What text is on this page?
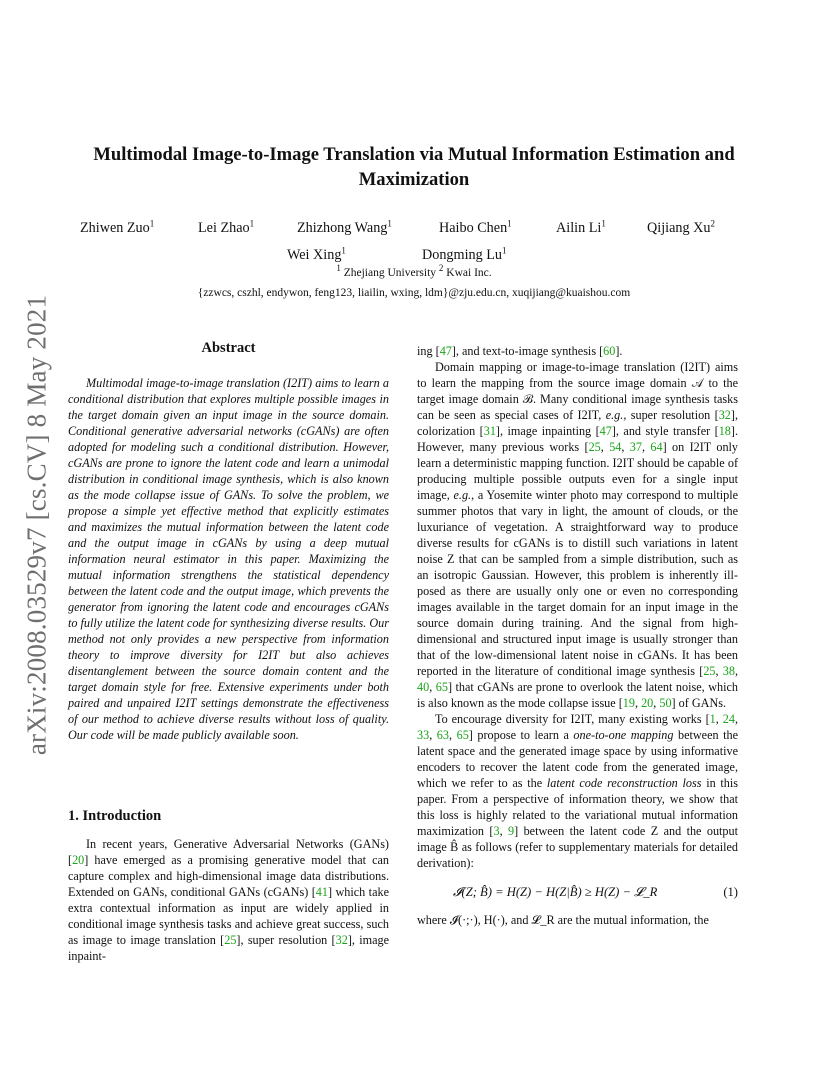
arXiv:2008.03529v7 [cs.CV] 8 May 2021
Multimodal Image-to-Image Translation via Mutual Information Estimation and Maximization
Zhiwen Zuo$^1$	Lei Zhao$^1$	Zhizhong Wang$^1$	Haibo Chen$^1$	Ailin Li$^1$	Qijiang Xu$^2$
Wei Xing$^1$	Dongming Lu$^1$
$^1$ Zhejiang University $^2$ Kwai Inc.
{zzwcs, cszhl, endywon, feng123, liailin, wxing, ldm}@zju.edu.cn, xuqijiang@kuaishou.com
Abstract

Multimodal image-to-image translation (I2IT) aims to learn a conditional distribution that explores multiple possible images in the target domain given an input image in the source domain. Conditional generative adversarial networks (cGANs) are often adopted for modeling such a conditional distribution. However, cGANs are prone to ignore the latent code and learn a unimodal distribution in conditional image synthesis, which is also known as the mode collapse issue of GANs. To solve the problem, we propose a simple yet effective method that explicitly estimates and maximizes the mutual information between the latent code and the output image in cGANs by using a deep mutual information neural estimator in this paper. Maximizing the mutual information strengthens the statistical dependency between the latent code and the output image, which prevents the generator from ignoring the latent code and encourages cGANs to fully utilize the latent code for synthesizing diverse results. Our method not only provides a new perspective from information theory to improve diversity for I2IT but also achieves disentanglement between the source domain content and the target domain style for free. Extensive experiments under both paired and unpaired I2IT settings demonstrate the effectiveness of our method to achieve diverse results without loss of quality. Our code will be made publicly available soon.

1. Introduction

In recent years, Generative Adversarial Networks (GANs) [20] have emerged as a promising generative model that can capture complex and high-dimensional image data distributions. Extended on GANs, conditional GANs (cGANs) [41] which take extra contextual information as input are widely applied in conditional image synthesis tasks and achieve great success, such as image to image translation [25], super resolution [32], image inpaint-

ing [47], and text-to-image synthesis [60].

Domain mapping or image-to-image translation (I2IT) aims to learn the mapping from the source image domain 𝒜 to the target image domain ℬ. Many conditional image synthesis tasks can be seen as special cases of I2IT, e.g., super resolution [32], colorization [31], image inpainting [47], and style transfer [18]. However, many previous works [25, 54, 37, 64] on I2IT only learn a deterministic mapping function. I2IT should be capable of producing multiple possible outputs even for a single input image, e.g., a Yosemite winter photo may correspond to multiple summer photos that vary in light, the amount of clouds, or the luxuriance of vegetation. A straightforward way to produce diverse results for cGANs is to distill such variations in latent noise Z that can be sampled from a simple distribution, such as an isotropic Gaussian. However, this problem is inherently ill-posed as there are usually only one or even no corresponding images available in the target domain for an input image in the source domain during training. And the signal from high-dimensional and structured input image is usually stronger than that of the low-dimensional latent noise in cGANs. It has been reported in the literature of conditional image synthesis [25, 38, 40, 65] that cGANs are prone to overlook the latent noise, which is also known as the mode collapse issue [19, 20, 50] of GANs.

To encourage diversity for I2IT, many existing works [1, 24, 33, 63, 65] propose to learn a one-to-one mapping between the latent space and the generated image space by using informative encoders to recover the latent code from the generated image, which we refer to as the latent code reconstruction loss in this paper. From a perspective of information theory, we show that this loss is highly related to the variational mutual information maximization [3, 9] between the latent code Z and the output image B̂ as follows (refer to supplementary materials for detailed derivation):

𝓘(Z; B̂) = H(Z) − H(Z|B̂) ≥ H(Z) − 𝓛_R	(1)

where 𝓘(·;·), H(·), and 𝓛_R are the mutual information, the
